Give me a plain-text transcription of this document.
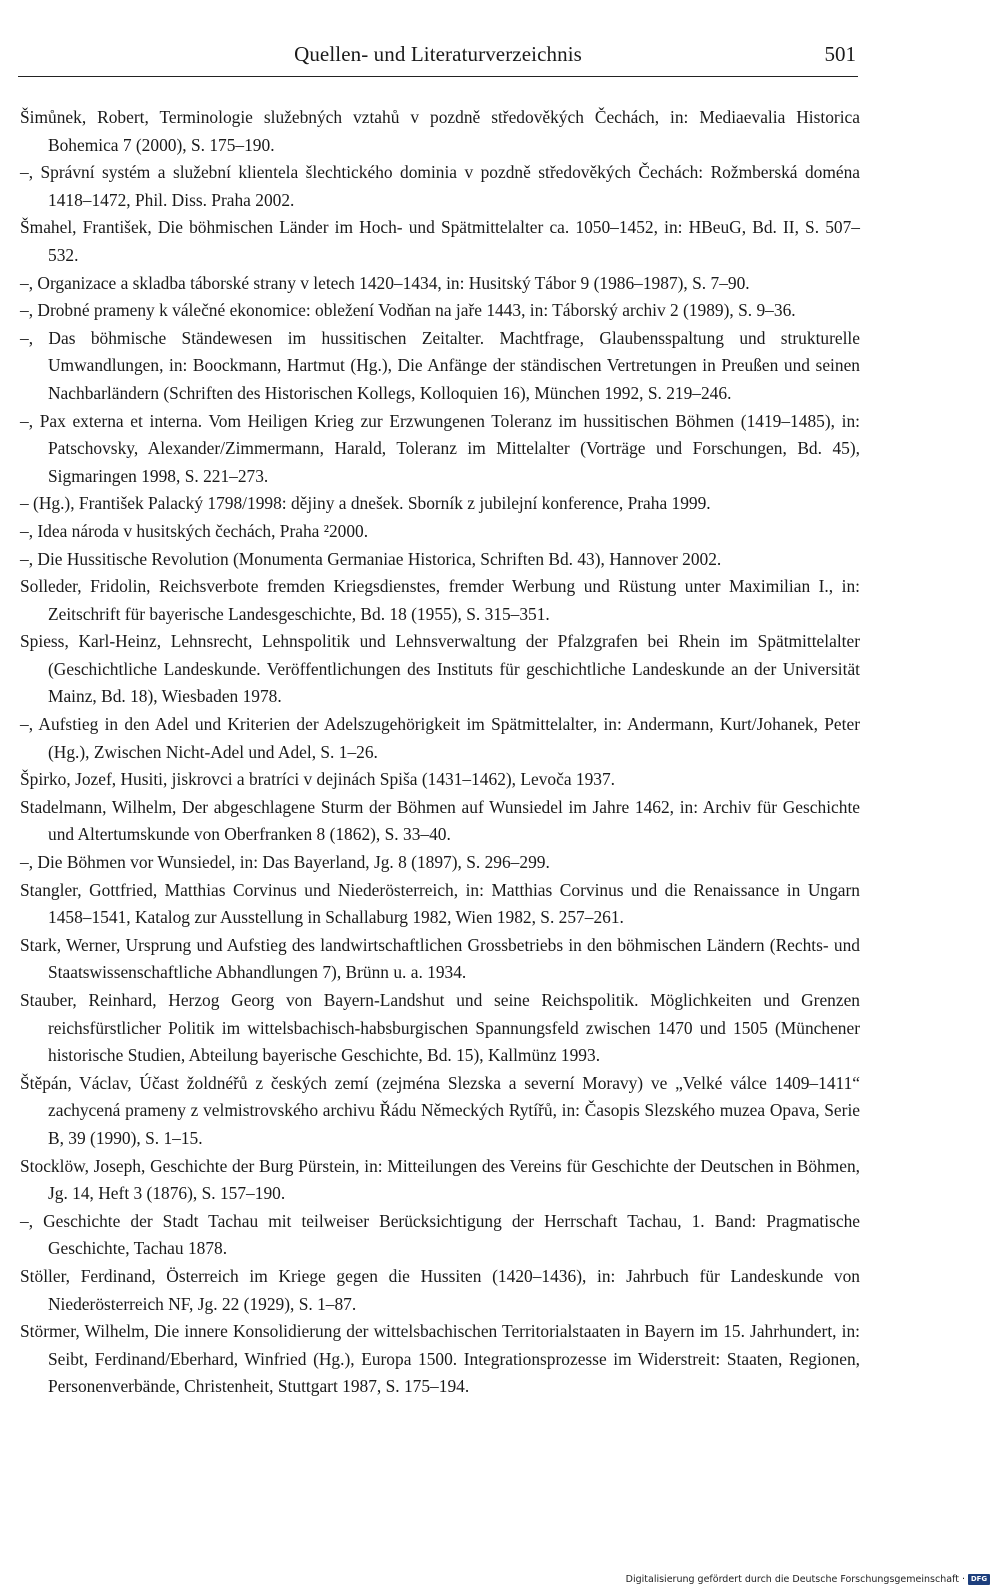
Quellen- und Literaturverzeichnis	501

Šimůnek, Robert, Terminologie služebných vztahů v pozdně středověkých Čechách, in: Mediaevalia Historica Bohemica 7 (2000), S. 175–190.

–, Správní systém a služební klientela šlechtického dominia v pozdně středověkých Čechách: Rožmberská doména 1418–1472, Phil. Diss. Praha 2002.

Šmahel, František, Die böhmischen Länder im Hoch- und Spätmittelalter ca. 1050–1452, in: HBeuG, Bd. II, S. 507–532.

–, Organizace a skladba táborské strany v letech 1420–1434, in: Husitský Tábor 9 (1986–1987), S. 7–90.

–, Drobné prameny k válečné ekonomice: obležení Vodňan na jaře 1443, in: Táborský archiv 2 (1989), S. 9–36.

–, Das böhmische Ständewesen im hussitischen Zeitalter. Machtfrage, Glaubensspaltung und strukturelle Umwandlungen, in: Boockmann, Hartmut (Hg.), Die Anfänge der ständischen Vertretungen in Preußen und seinen Nachbarländern (Schriften des Historischen Kollegs, Kolloquien 16), München 1992, S. 219–246.

–, Pax externa et interna. Vom Heiligen Krieg zur Erzwungenen Toleranz im hussitischen Böhmen (1419–1485), in: Patschovsky, Alexander/Zimmermann, Harald, Toleranz im Mittelalter (Vorträge und Forschungen, Bd. 45), Sigmaringen 1998, S. 221–273.

– (Hg.), František Palacký 1798/1998: dějiny a dnešek. Sborník z jubilejní konference, Praha 1999.

–, Idea národa v husitských čechách, Praha ²2000.

–, Die Hussitische Revolution (Monumenta Germaniae Historica, Schriften Bd. 43), Hannover 2002.

Solleder, Fridolin, Reichsverbote fremden Kriegsdienstes, fremder Werbung und Rüstung unter Maximilian I., in: Zeitschrift für bayerische Landesgeschichte, Bd. 18 (1955), S. 315–351.

Spiess, Karl-Heinz, Lehnsrecht, Lehnspolitik und Lehnsverwaltung der Pfalzgrafen bei Rhein im Spätmittelalter (Geschichtliche Landeskunde. Veröffentlichungen des Instituts für geschichtliche Landeskunde an der Universität Mainz, Bd. 18), Wiesbaden 1978.

–, Aufstieg in den Adel und Kriterien der Adelszugehörigkeit im Spätmittelalter, in: Andermann, Kurt/Johanek, Peter (Hg.), Zwischen Nicht-Adel und Adel, S. 1–26.

Špirko, Jozef, Husiti, jiskrovci a bratríci v dejinách Spiša (1431–1462), Levoča 1937.

Stadelmann, Wilhelm, Der abgeschlagene Sturm der Böhmen auf Wunsiedel im Jahre 1462, in: Archiv für Geschichte und Altertumskunde von Oberfranken 8 (1862), S. 33–40.

–, Die Böhmen vor Wunsiedel, in: Das Bayerland, Jg. 8 (1897), S. 296–299.

Stangler, Gottfried, Matthias Corvinus und Niederösterreich, in: Matthias Corvinus und die Renaissance in Ungarn 1458–1541, Katalog zur Ausstellung in Schallaburg 1982, Wien 1982, S. 257–261.

Stark, Werner, Ursprung und Aufstieg des landwirtschaftlichen Grossbetriebs in den böhmischen Ländern (Rechts- und Staatswissenschaftliche Abhandlungen 7), Brünn u. a. 1934.

Stauber, Reinhard, Herzog Georg von Bayern-Landshut und seine Reichspolitik. Möglichkeiten und Grenzen reichsfürstlicher Politik im wittelsbachisch-habsburgischen Spannungsfeld zwischen 1470 und 1505 (Münchener historische Studien, Abteilung bayerische Geschichte, Bd. 15), Kallmünz 1993.

Štěpán, Václav, Účast žoldnéřů z českých zemí (zejména Slezska a severní Moravy) ve „Velké válce 1409–1411“ zachycená prameny z velmistrovského archivu Řádu Německých Rytířů, in: Časopis Slezského muzea Opava, Serie B, 39 (1990), S. 1–15.

Stocklöw, Joseph, Geschichte der Burg Pürstein, in: Mitteilungen des Vereins für Geschichte der Deutschen in Böhmen, Jg. 14, Heft 3 (1876), S. 157–190.

–, Geschichte der Stadt Tachau mit teilweiser Berücksichtigung der Herrschaft Tachau, 1. Band: Pragmatische Geschichte, Tachau 1878.

Stöller, Ferdinand, Österreich im Kriege gegen die Hussiten (1420–1436), in: Jahrbuch für Landeskunde von Niederösterreich NF, Jg. 22 (1929), S. 1–87.

Störmer, Wilhelm, Die innere Konsolidierung der wittelsbachischen Territorialstaaten in Bayern im 15. Jahrhundert, in: Seibt, Ferdinand/Eberhard, Winfried (Hg.), Europa 1500. Integrationsprozesse im Widerstreit: Staaten, Regionen, Personenverbände, Christenheit, Stuttgart 1987, S. 175–194.

Digitalisierung gefördert durch die Deutsche Forschungsgemeinschaft · DFG
